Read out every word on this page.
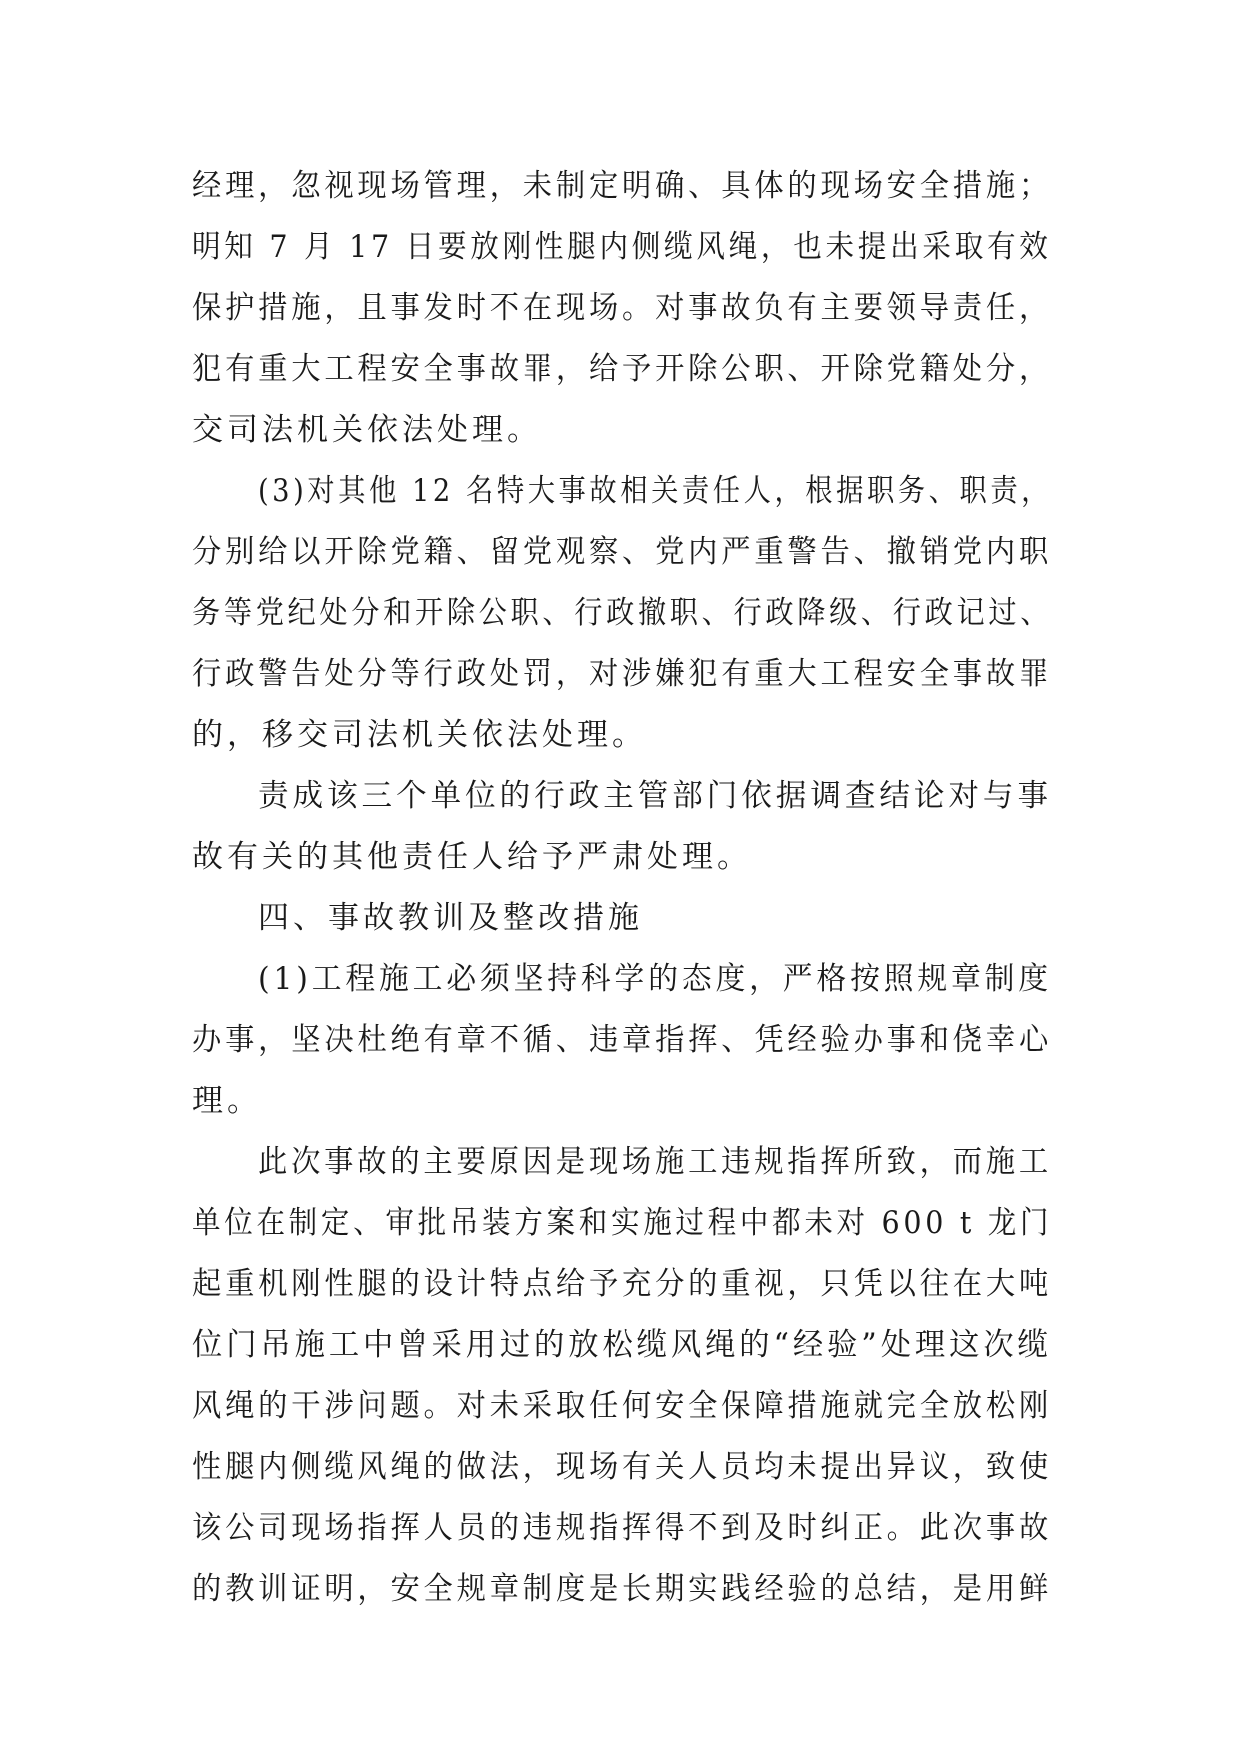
经理，忽视现场管理，未制定明确、具体的现场安全措施；
明知 7 月 17 日要放刚性腿内侧缆风绳，也未提出采取有效
保护措施，且事发时不在现场。对事故负有主要领导责任，
犯有重大工程安全事故罪，给予开除公职、开除党籍处分，
交司法机关依法处理。
(3)对其他 12 名特大事故相关责任人，根据职务、职责，
分别给以开除党籍、留党观察、党内严重警告、撤销党内职
务等党纪处分和开除公职、行政撤职、行政降级、行政记过、
行政警告处分等行政处罚，对涉嫌犯有重大工程安全事故罪
的，移交司法机关依法处理。
责成该三个单位的行政主管部门依据调查结论对与事
故有关的其他责任人给予严肃处理。
四、事故教训及整改措施
(1)工程施工必须坚持科学的态度，严格按照规章制度
办事，坚决杜绝有章不循、违章指挥、凭经验办事和侥幸心
理。
此次事故的主要原因是现场施工违规指挥所致，而施工
单位在制定、审批吊装方案和实施过程中都未对 600 t 龙门
起重机刚性腿的设计特点给予充分的重视，只凭以往在大吨
位门吊施工中曾采用过的放松缆风绳的“经验”处理这次缆
风绳的干涉问题。对未采取任何安全保障措施就完全放松刚
性腿内侧缆风绳的做法，现场有关人员均未提出异议，致使
该公司现场指挥人员的违规指挥得不到及时纠正。此次事故
的教训证明，安全规章制度是长期实践经验的总结，是用鲜
